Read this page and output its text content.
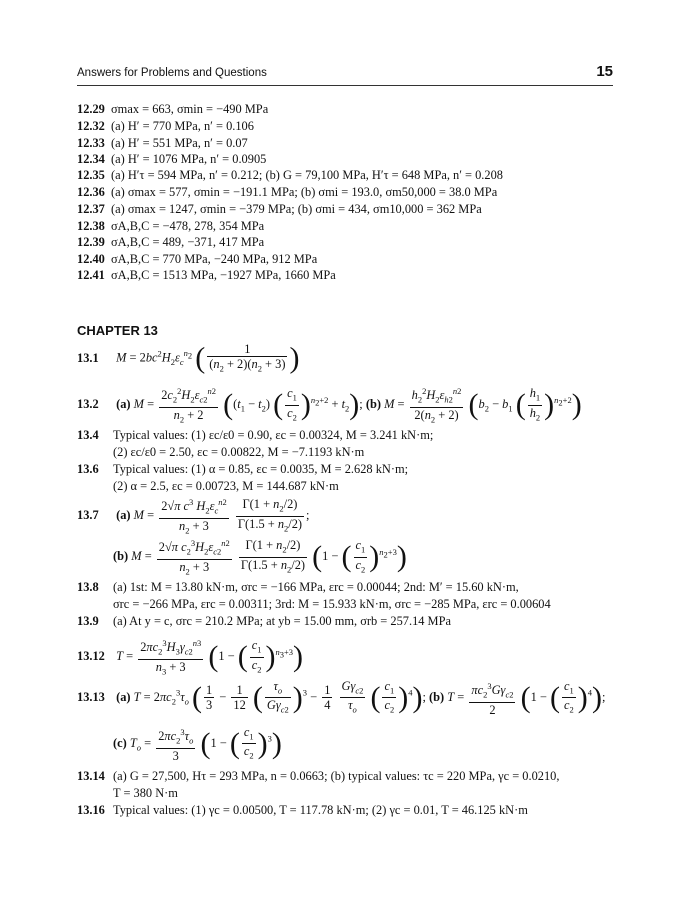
Answers for Problems and Questions	15
12.29 σmax = 663, σmin = −490 MPa
12.32 (a) H′ = 770 MPa, n′ = 0.106
12.33 (a) H′ = 551 MPa, n′ = 0.07
12.34 (a) H′ = 1076 MPa, n′ = 0.0905
12.35 (a) H′τ = 594 MPa, n′ = 0.212; (b) G = 79,100 MPa, H′τ = 648 MPa, n′ = 0.208
12.36 (a) σmax = 577, σmin = −191.1 MPa; (b) σmi = 193.0, σm50,000 = 38.0 MPa
12.37 (a) σmax = 1247, σmin = −379 MPa; (b) σmi = 434, σm10,000 = 362 MPa
12.38 σA,B,C = −478, 278, 354 MPa
12.39 σA,B,C = 489, −371, 417 MPa
12.40 σA,B,C = 770 MPa, −240 MPa, 912 MPa
12.41 σA,B,C = 1513 MPa, −1927 MPa, 1660 MPa
CHAPTER 13
13.1 $M = 2bc^2H_2\varepsilon_c^{n_2}$ ( $\frac{1}{(n_2 + 2)(n_2 + 3)}$ )
13.2 (a) $M = \frac{2c_2^2H_2\varepsilon_{c2}^{n2}}{n_2 + 2} ((t_1 - t_2)$ ( $\frac{c_1}{c_2} )^{n_2+2} + t_2$); (b) $M = \frac{h_2^2H_2\varepsilon_{h2}^{n2}}{2(n_2 + 2)} (b_2 - b_1$ ( $\frac{h_1}{h_2} )^{n_2+2}$)
13.4 Typical values: (1) εc/ε0 = 0.90, εc = 0.00324, M = 3.241 kN·m;
(2) εc/ε0 = 2.50, εc = 0.00822, M = −7.1193 kN·m
13.6 Typical values: (1) α = 0.85, εc = 0.0035, M = 2.628 kN·m;
(2) α = 2.5, εc = 0.00723, M = 144.687 kN·m
13.7 (a) $M = \frac{2√\pi c^3 H_2\varepsilon_c^{n2}}{n_2 + 3}$
$\frac{\Gamma(1 + n_2/2)}{\Gamma(1.5 + n_2/2)}$ ;
(b) $M = \frac{2√\pi c_2^3H_2\varepsilon_{c2}^{n2}}{n_2 + 3}$
$\frac{\Gamma(1 + n_2/2)}{\Gamma(1.5 + n_2/2)} (1$ − ( $\frac{c_1}{c_2} )^{n_2+3}$)
13.8 (a) 1st: M = 13.80 kN·m, σrc = −166 MPa, εrc = 0.00044; 2nd: M′ = 15.60 kN·m,
σrc = −266 MPa, εrc = 0.00311; 3rd: M = 15.933 kN·m, σrc = −285 MPa, εrc = 0.00604
13.9 (a) At y = c, σrc = 210.2 MPa; at yb = 15.00 mm, σrb = 257.14 MPa
13.12 $T = \frac{2\pi c_2^3H_3\gamma_{c2}^{n3}}{n_3 + 3} (1$ − ( $\frac{c_1}{c_2} )^{n_3+3}$)
13.13 (a) $T = 2\pi c_2^3\tau_o$ ( $\frac{1}{3} - \frac{1}{12}$ ( $\frac{\tau_o}{G\gamma_{c2}} )^3 - \frac{1}{4}$
$\frac{G\gamma_{c2}}{\tau_o}$ ( $\frac{c_1}{c_2} )^4$); (b) $T = \frac{\pi c_2^3G\gamma_{c2}}{2} (1$ − ( $\frac{c_1}{c_2} )^4$);
(c) $T_o = \frac{2\pi c_2^3\tau_o}{3} (1$ − ( $\frac{c_1}{c_2} )^3$)
13.14 (a) G = 27,500, Hτ = 293 MPa, n = 0.0663; (b) typical values: τc = 220 MPa, γc = 0.0210,
T = 380 N·m
13.16 Typical values: (1) γc = 0.00500, T = 117.78 kN·m; (2) γc = 0.01, T = 46.125 kN·m
